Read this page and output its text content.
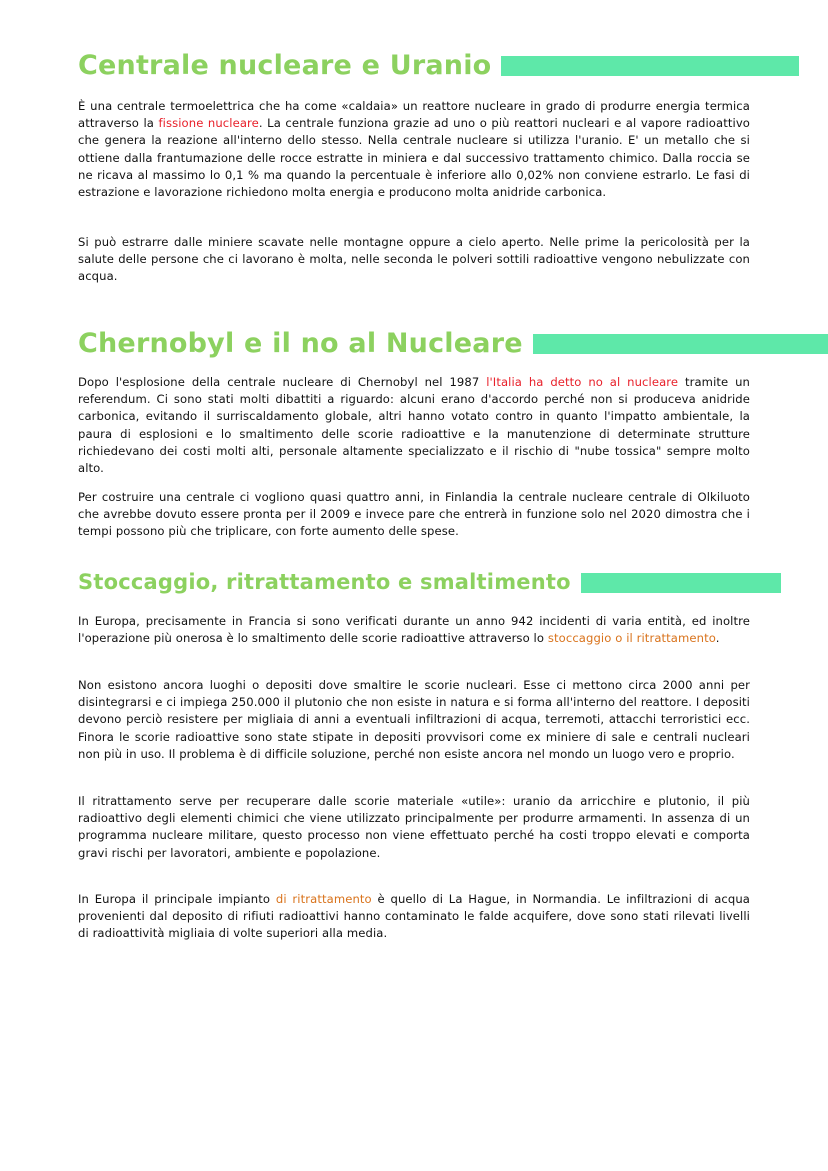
Centrale nucleare e Uranio

È una centrale termoelettrica che ha come «caldaia» un reattore nucleare in grado di produrre energia termica attraverso la fissione nucleare. La centrale funziona grazie ad uno o più reattori nucleari e al vapore radioattivo che genera la reazione all'interno dello stesso. Nella centrale nucleare si utilizza l'uranio. E' un metallo che si ottiene dalla frantumazione delle rocce estratte in miniera e dal successivo trattamento chimico. Dalla roccia se ne ricava al massimo lo 0,1 % ma quando la percentuale è inferiore allo 0,02% non conviene estrarlo. Le fasi di estrazione e lavorazione richiedono molta energia e producono molta anidride carbonica.

Si può estrarre dalle miniere scavate nelle montagne oppure a cielo aperto. Nelle prime la pericolosità per la salute delle persone che ci lavorano è molta, nelle seconda le polveri sottili radioattive vengono nebulizzate con acqua.

Chernobyl e il no al Nucleare

Dopo l'esplosione della centrale nucleare di Chernobyl nel 1987 l'Italia ha detto no al nucleare tramite un referendum. Ci sono stati molti dibattiti a riguardo: alcuni erano d'accordo perché non si produceva anidride carbonica, evitando il surriscaldamento globale, altri hanno votato contro in quanto l'impatto ambientale, la paura di esplosioni e lo smaltimento delle scorie radioattive e la manutenzione di determinate strutture richiedevano dei costi molti alti, personale altamente specializzato e il rischio di "nube tossica" sempre molto alto.

Per costruire una centrale ci vogliono quasi quattro anni, in Finlandia la centrale nucleare centrale di Olkiluoto che avrebbe dovuto essere pronta per il 2009 e invece pare che entrerà in funzione solo nel 2020 dimostra che i tempi possono più che triplicare, con forte aumento delle spese.

Stoccaggio, ritrattamento e smaltimento

In Europa, precisamente in Francia si sono verificati durante un anno 942 incidenti di varia entità, ed inoltre l'operazione più onerosa è lo smaltimento delle scorie radioattive attraverso lo stoccaggio o il ritrattamento.

Non esistono ancora luoghi o depositi dove smaltire le scorie nucleari. Esse ci mettono circa 2000 anni per disintegrarsi e ci impiega 250.000 il plutonio che non esiste in natura e si forma all'interno del reattore. I depositi devono perciò resistere per migliaia di anni a eventuali infiltrazioni di acqua, terremoti, attacchi terroristici ecc. Finora le scorie radioattive sono state stipate in depositi provvisori come ex miniere di sale e centrali nucleari non più in uso. Il problema è di difficile soluzione, perché non esiste ancora nel mondo un luogo vero e proprio.

Il ritrattamento serve per recuperare dalle scorie materiale «utile»: uranio da arricchire e plutonio, il più radioattivo degli elementi chimici che viene utilizzato principalmente per produrre armamenti. In assenza di un programma nucleare militare, questo processo non viene effettuato perché ha costi troppo elevati e comporta gravi rischi per lavoratori, ambiente e popolazione.

In Europa il principale impianto di ritrattamento è quello di La Hague, in Normandia. Le infiltrazioni di acqua provenienti dal deposito di rifiuti radioattivi hanno contaminato le falde acquifere, dove sono stati rilevati livelli di radioattività migliaia di volte superiori alla media.
